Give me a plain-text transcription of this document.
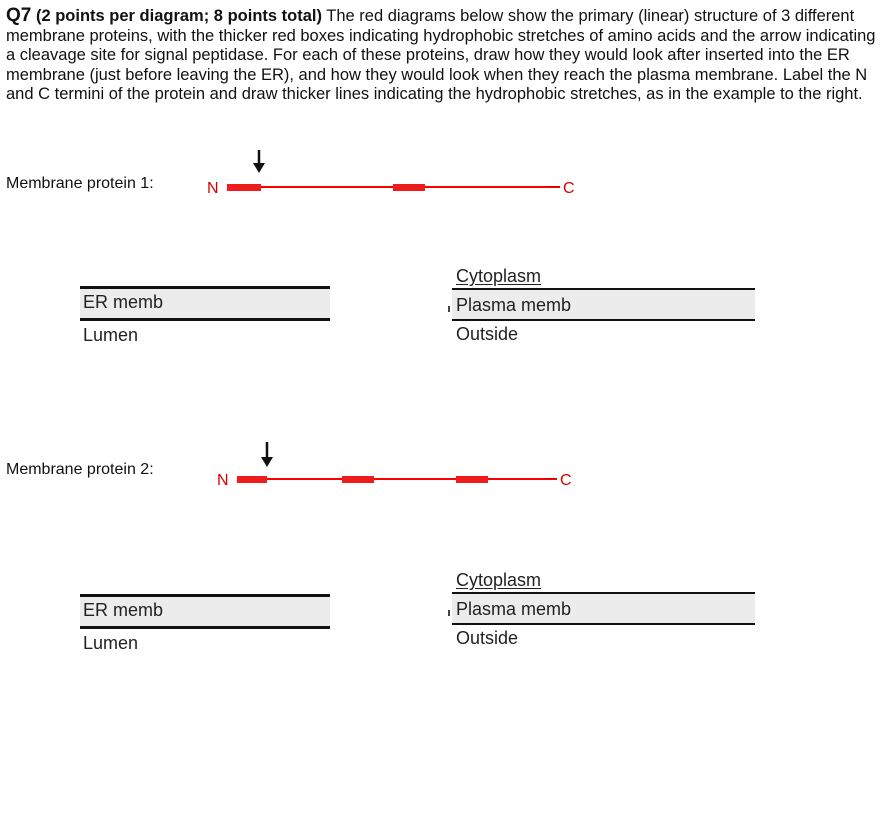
Q7 (2 points per diagram; 8 points total) The red diagrams below show the primary (linear) structure of 3 different membrane proteins, with the thicker red boxes indicating hydrophobic stretches of amino acids and the arrow indicating a cleavage site for signal peptidase. For each of these proteins, draw how they would look after inserted into the ER membrane (just before leaving the ER), and how they would look when they reach the plasma membrane. Label the N and C termini of the protein and draw thicker lines indicating the hydrophobic stretches, as in the example to the right.
Membrane protein 1:	N	C
ER memb
Lumen
Cytoplasm
Plasma memb
Outside
Membrane protein 2:
N	C
ER memb
Lumen
Cytoplasm
Plasma memb
Outside
